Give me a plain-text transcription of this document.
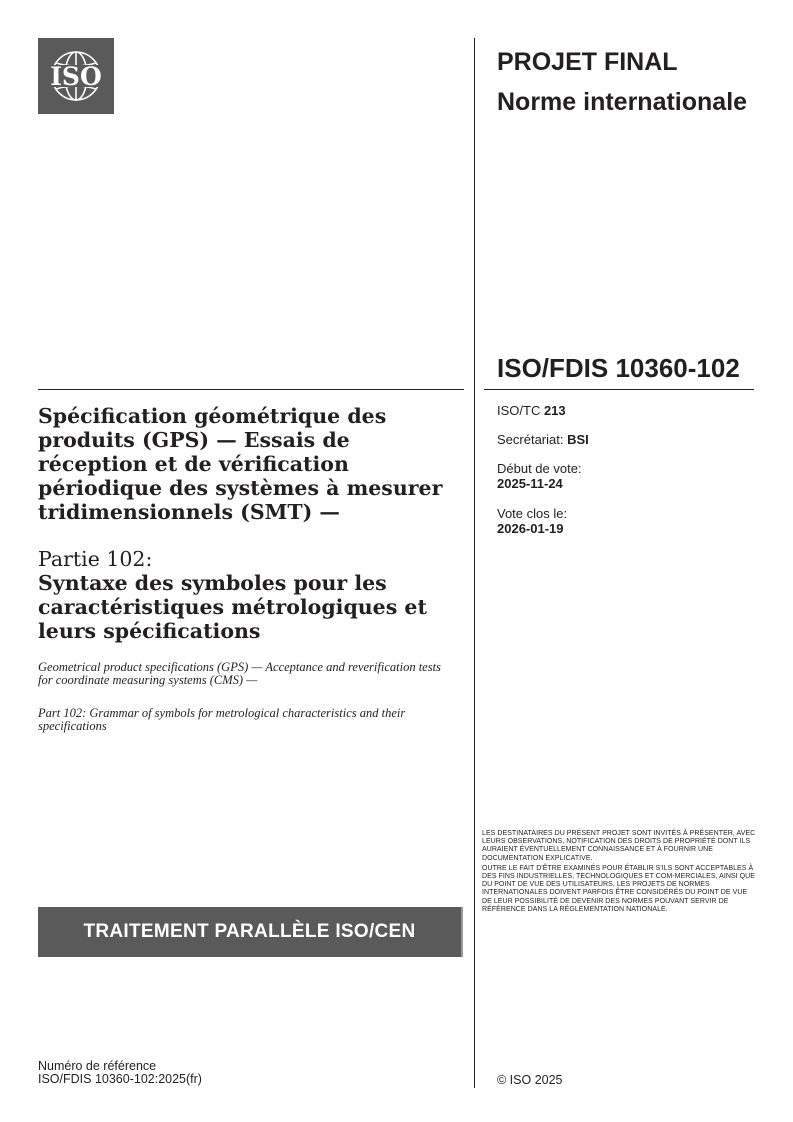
ISO	PROJET FINAL
Norme internationale
ISO/FDIS 10360-102
ISO/TC 213
Secrétariat: BSI
Début de vote:
2025-11-24
Vote clos le:
2026-01-19
Spécification géométrique des produits (GPS) — Essais de réception et de vérification périodique des systèmes à mesurer tridimensionnels (SMT) —
Partie 102:
Syntaxe des symboles pour les caractéristiques métrologiques et leurs spécifications
Geometrical product specifications (GPS) — Acceptance and reverification tests for coordinate measuring systems (CMS) —
Part 102: Grammar of symbols for metrological characteristics and their specifications

LES DESTINATAIRES DU PRÉSENT PROJET SONT INVITÉS À PRÉSENTER, AVEC LEURS OBSERVATIONS, NOTIFICATION DES DROITS DE PROPRIÉTÉ DONT ILS AURAIENT ÉVENTUELLEMENT CONNAISSANCE ET À FOURNIR UNE DOCUMENTATION EXPLICATIVE.

OUTRE LE FAIT D'ÊTRE EXAMINÉS POUR ÉTABLIR S'ILS SONT ACCEPTABLES À DES FINS INDUSTRIELLES, TECHNOLOGIQUES ET COM-MERCIALES, AINSI QUE DU POINT DE VUE DES UTILISATEURS, LES PROJETS DE NORMES INTERNATIONALES DOIVENT PARFOIS ÊTRE CONSIDÉRÉS DU POINT DE VUE DE LEUR POSSIBILITÉ DE DEVENIR DES NORMES POUVANT SERVIR DE RÉFÉRENCE DANS LA RÉGLEMENTATION NATIONALE.

TRAITEMENT PARALLÈLE ISO/CEN
Numéro de référence
ISO/FDIS 10360-102:2025(fr)	© ISO 2025
